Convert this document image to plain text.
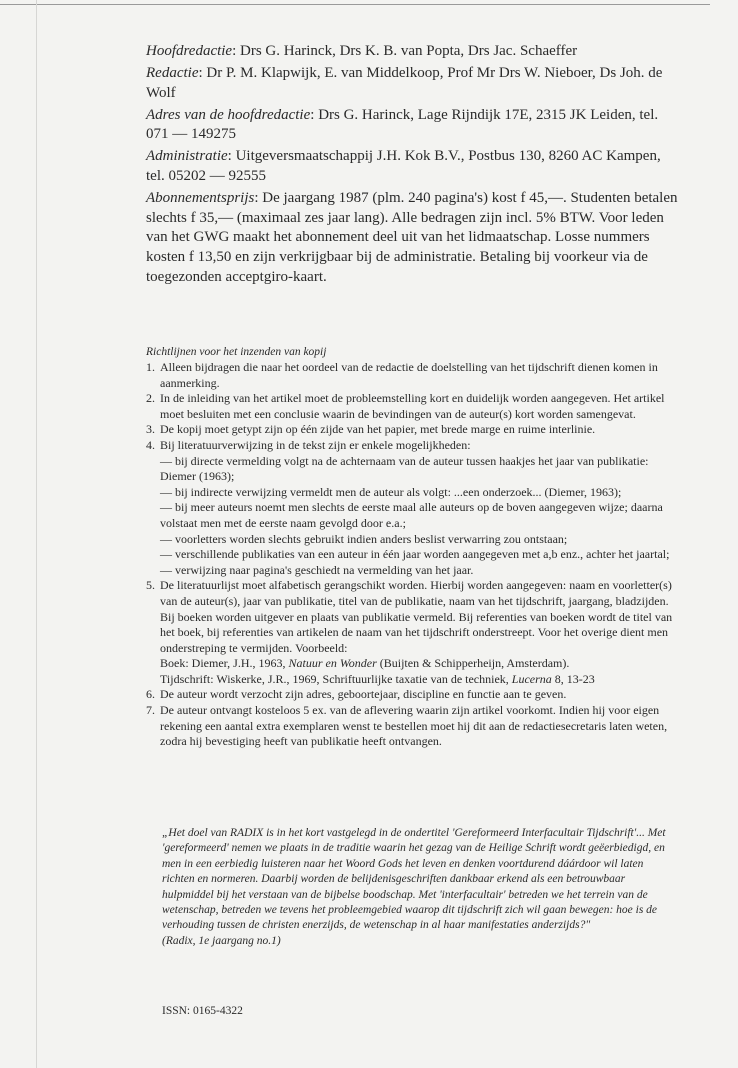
Hoofdredactie: Drs G. Harinck, Drs K. B. van Popta, Drs Jac. Schaeffer

Redactie: Dr P. M. Klapwijk, E. van Middelkoop, Prof Mr Drs W. Nieboer, Ds Joh. de Wolf

Adres van de hoofdredactie: Drs G. Harinck, Lage Rijndijk 17E, 2315 JK Leiden, tel. 071 — 149275

Administratie: Uitgeversmaatschappij J.H. Kok B.V., Postbus 130, 8260 AC Kampen, tel. 05202 — 92555

Abonnementsprijs: De jaargang 1987 (plm. 240 pagina's) kost f 45,—. Studenten betalen slechts f 35,— (maximaal zes jaar lang). Alle bedragen zijn incl. 5% BTW. Voor leden van het GWG maakt het abonnement deel uit van het lidmaatschap. Losse nummers kosten f 13,50 en zijn verkrijgbaar bij de administratie. Betaling bij voorkeur via de toegezonden acceptgiro-kaart.

Richtlijnen voor het inzenden van kopij
1. Alleen bijdragen die naar het oordeel van de redactie de doelstelling van het tijdschrift dienen komen in aanmerking.
2. In de inleiding van het artikel moet de probleemstelling kort en duidelijk worden aangegeven. Het artikel moet besluiten met een conclusie waarin de bevindingen van de auteur(s) kort worden samengevat.
3. De kopij moet getypt zijn op één zijde van het papier, met brede marge en ruime interlinie.
4. Bij literatuurverwijzing in de tekst zijn er enkele mogelijkheden:
— bij directe vermelding volgt na de achternaam van de auteur tussen haakjes het jaar van publikatie: Diemer (1963);
— bij indirecte verwijzing vermeldt men de auteur als volgt: ...een onderzoek... (Diemer, 1963);
— bij meer auteurs noemt men slechts de eerste maal alle auteurs op de boven aangegeven wijze; daarna volstaat men met de eerste naam gevolgd door e.a.;
— voorletters worden slechts gebruikt indien anders beslist verwarring zou ontstaan;
— verschillende publikaties van een auteur in één jaar worden aangegeven met a,b enz., achter het jaartal;
— verwijzing naar pagina's geschiedt na vermelding van het jaar.
5. De literatuurlijst moet alfabetisch gerangschikt worden. Hierbij worden aangegeven: naam en voorletter(s) van de auteur(s), jaar van publikatie, titel van de publikatie, naam van het tijdschrift, jaargang, bladzijden. Bij boeken worden uitgever en plaats van publikatie vermeld. Bij referenties van boeken wordt de titel van het boek, bij referenties van artikelen de naam van het tijdschrift onderstreept. Voor het overige dient men onderstreping te vermijden. Voorbeeld:
Boek: Diemer, J.H., 1963, Natuur en Wonder (Buijten & Schipperheijn, Amsterdam).
Tijdschrift: Wiskerke, J.R., 1969, Schriftuurlijke taxatie van de techniek, Lucerna 8, 13-23
6. De auteur wordt verzocht zijn adres, geboortejaar, discipline en functie aan te geven.
7. De auteur ontvangt kosteloos 5 ex. van de aflevering waarin zijn artikel voorkomt. Indien hij voor eigen rekening een aantal extra exemplaren wenst te bestellen moet hij dit aan de redactiesecretaris laten weten, zodra hij bevestiging heeft van publikatie heeft ontvangen.
„Het doel van RADIX is in het kort vastgelegd in de ondertitel 'Gereformeerd Interfacultair Tijdschrift'... Met 'gereformeerd' nemen we plaats in de traditie waarin het gezag van de Heilige Schrift wordt geëerbiedigd, en men in een eerbiedig luisteren naar het Woord Gods het leven en denken voortdurend dáárdoor wil laten richten en normeren. Daarbij worden de belijdenisgeschriften dankbaar erkend als een betrouwbaar hulpmiddel bij het verstaan van de bijbelse boodschap. Met 'interfacultair' betreden we het terrein van de wetenschap, betreden we tevens het probleemgebied waarop dit tijdschrift zich wil gaan bewegen: hoe is de verhouding tussen de christen enerzijds, de wetenschap in al haar manifestaties anderzijds?"
(Radix, 1e jaargang no.1)
ISSN: 0165-4322
